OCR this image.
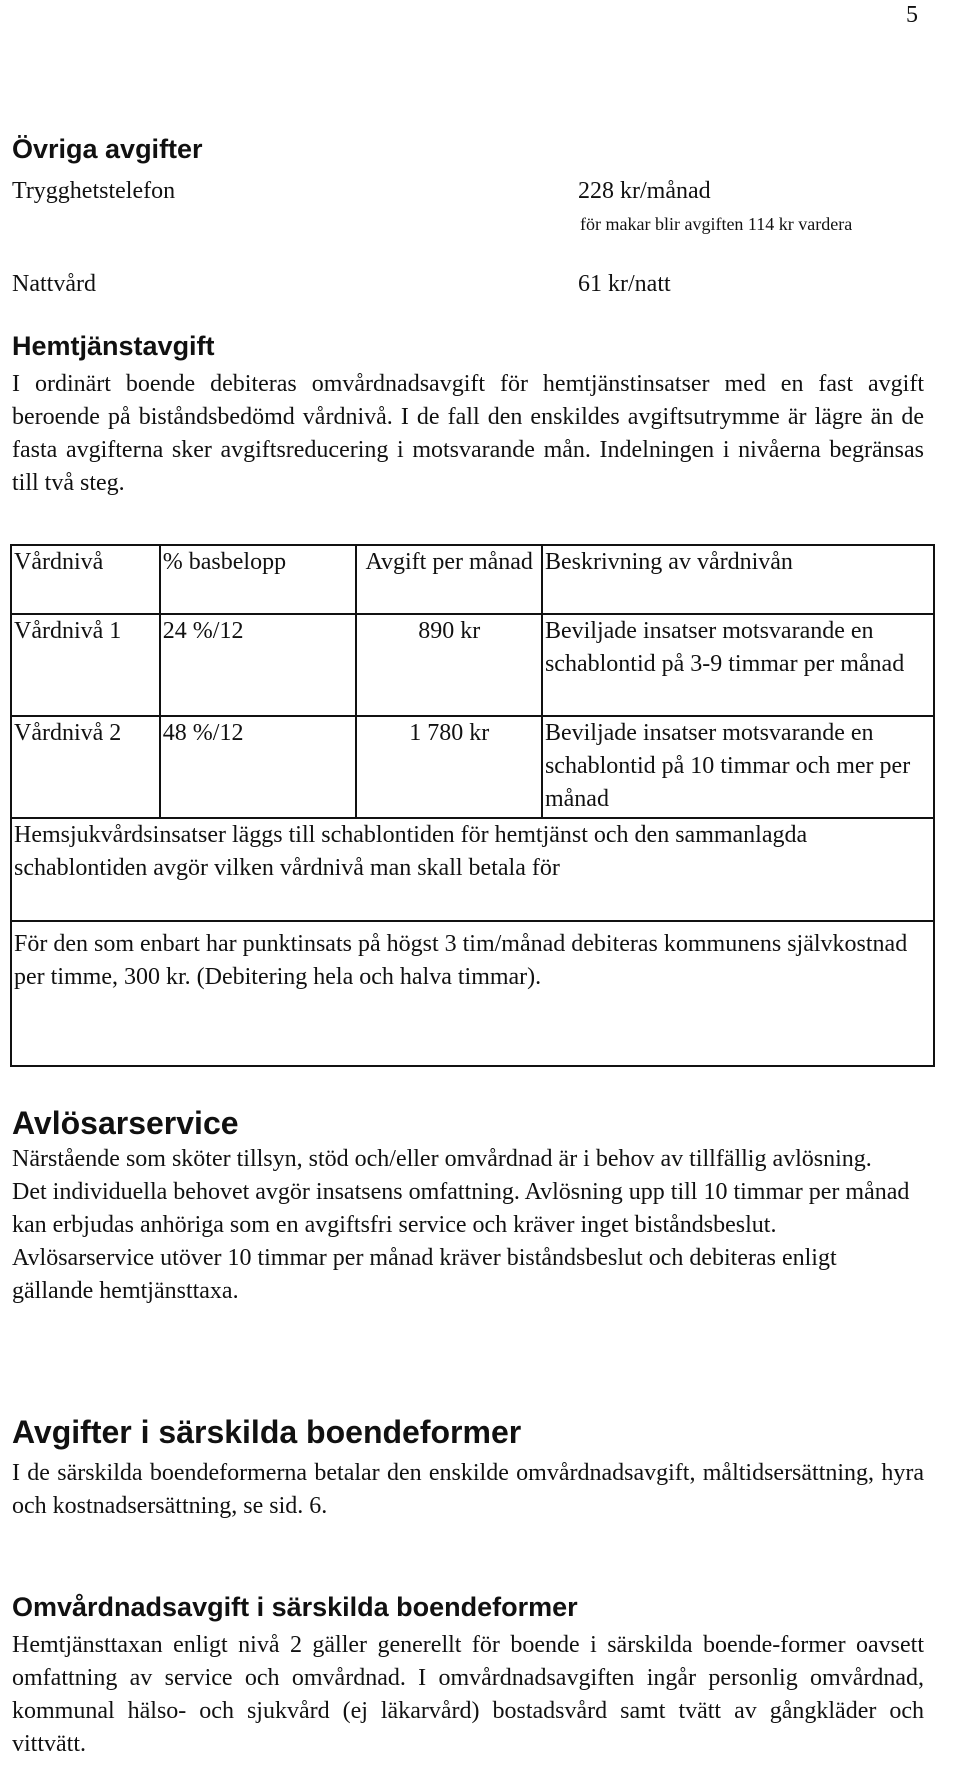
5
Övriga avgifter
Trygghetstelefon	228 kr/månad
för makar blir avgiften 114 kr vardera
Nattvård	61 kr/natt
Hemtjänstavgift

I ordinärt boende debiteras omvårdnadsavgift för hemtjänstinsatser med en fast avgift beroende på biståndsbedömd vårdnivå. I de fall den enskildes avgiftsutrymme är lägre än de fasta avgifterna sker avgiftsreducering i motsvarande mån. Indelningen i nivåerna begränsas till två steg.

Vårdnivå	% basbelopp	Avgift per månad	Beskrivning av vårdnivån
Vårdnivå 1	24 %/12	890 kr	Beviljade insatser motsvarande en schablontid på 3-9 timmar per månad
Vårdnivå 2	48 %/12	1 780 kr	Beviljade insatser motsvarande en schablontid på 10 timmar och mer per månad
Hemsjukvårdsinsatser läggs till schablontiden för hemtjänst och den sammanlagda schablontiden avgör vilken vårdnivå man skall betala för			
För den som enbart har punktinsats på högst 3 tim/månad debiteras kommunens självkostnad per timme, 300 kr. (Debitering hela och halva timmar).			
Avlösarservice

Närstående som sköter tillsyn, stöd och/eller omvårdnad är i behov av tillfällig avlösning. Det individuella behovet avgör insatsens omfattning. Avlösning upp till 10 timmar per månad kan erbjudas anhöriga som en avgiftsfri service och kräver inget biståndsbeslut. Avlösarservice utöver 10 timmar per månad kräver biståndsbeslut och debiteras enligt gällande hemtjänsttaxa.

Avgifter i särskilda boendeformer

I de särskilda boendeformerna betalar den enskilde omvårdnadsavgift, måltidsersättning, hyra och kostnadsersättning, se sid. 6.

Omvårdnadsavgift i särskilda boendeformer

Hemtjänsttaxan enligt nivå 2 gäller generellt för boende i särskilda boende-former oavsett omfattning av service och omvårdnad. I omvårdnadsavgiften ingår personlig omvårdnad, kommunal hälso- och sjukvård (ej läkarvård) bostadsvård samt tvätt av gångkläder och vittvätt.
